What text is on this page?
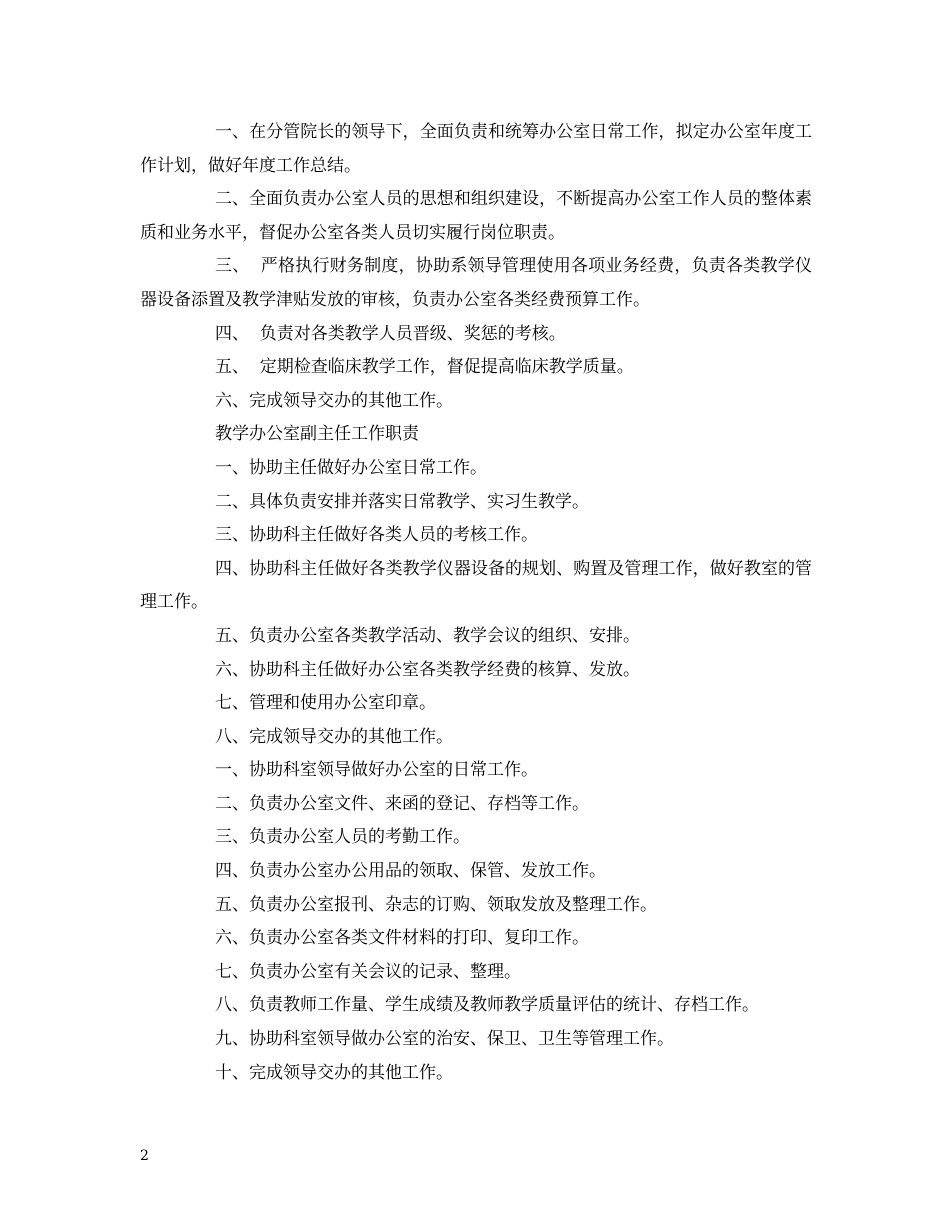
一、在分管院长的领导下，全面负责和统筹办公室日常工作，拟定办公室年度工作计划，做好年度工作总结。

二、全面负责办公室人员的思想和组织建设，不断提高办公室工作人员的整体素质和业务水平，督促办公室各类人员切实履行岗位职责。

三、  严格执行财务制度，协助系领导管理使用各项业务经费，负责各类教学仪器设备添置及教学津贴发放的审核，负责办公室各类经费预算工作。

四、  负责对各类教学人员晋级、奖惩的考核。

五、  定期检查临床教学工作，督促提高临床教学质量。

六、完成领导交办的其他工作。

教学办公室副主任工作职责

一、协助主任做好办公室日常工作。

二、具体负责安排并落实日常教学、实习生教学。

三、协助科主任做好各类人员的考核工作。

四、协助科主任做好各类教学仪器设备的规划、购置及管理工作，做好教室的管理工作。

五、负责办公室各类教学活动、教学会议的组织、安排。

六、协助科主任做好办公室各类教学经费的核算、发放。

七、管理和使用办公室印章。

八、完成领导交办的其他工作。

一、协助科室领导做好办公室的日常工作。

二、负责办公室文件、来函的登记、存档等工作。

三、负责办公室人员的考勤工作。

四、负责办公室办公用品的领取、保管、发放工作。

五、负责办公室报刊、杂志的订购、领取发放及整理工作。

六、负责办公室各类文件材料的打印、复印工作。

七、负责办公室有关会议的记录、整理。

八、负责教师工作量、学生成绩及教师教学质量评估的统计、存档工作。

九、协助科室领导做办公室的治安、保卫、卫生等管理工作。

十、完成领导交办的其他工作。

2
